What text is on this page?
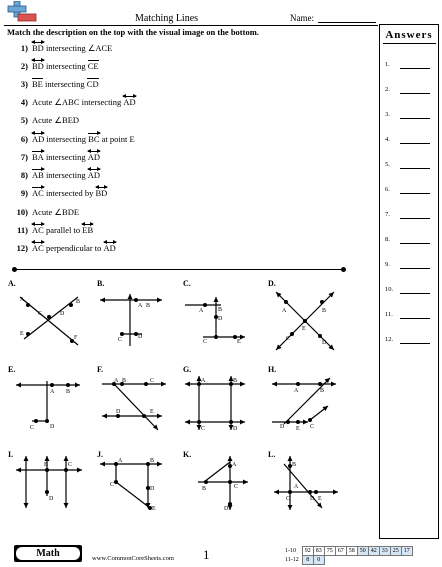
Matching Lines	Name:
Answers
1.
2.
3.
4.
5.
6.
7.
8.
9.
10.
11.
12.
Match the description on the top with the visual image on the bottom.
1) BD
intersecting ∠ACE
2) BD
intersecting CE
3) BE intersecting CD
4) Acute ∠ABC intersecting AD
5) Acute ∠BED
6) AD
intersecting BC at point E
7) BA intersecting AD
8) AB intersecting AD
9) AC intersected by BD
10) Acute ∠BDE
11) AC
parallel to EB
12) AC
perpendicular to AD
A.	B.	C.	D.
E.	F.	G.	H.
I.	J.	K.	L.
A	B
C	D
E
F
A B
C	D
A B
D
C	E
A	B
E
C
D
A B
C	D
A B	C
D	E
A	B
C	D
A	B
D E C
B	C
D
A	B
C
D
E
A
B	C
D
B
A
C	D E
Math	www.CommonCoreSheets.com 1	1-10	92	83	75	67	58	50	42	33	25	17
11-12	8	0								
